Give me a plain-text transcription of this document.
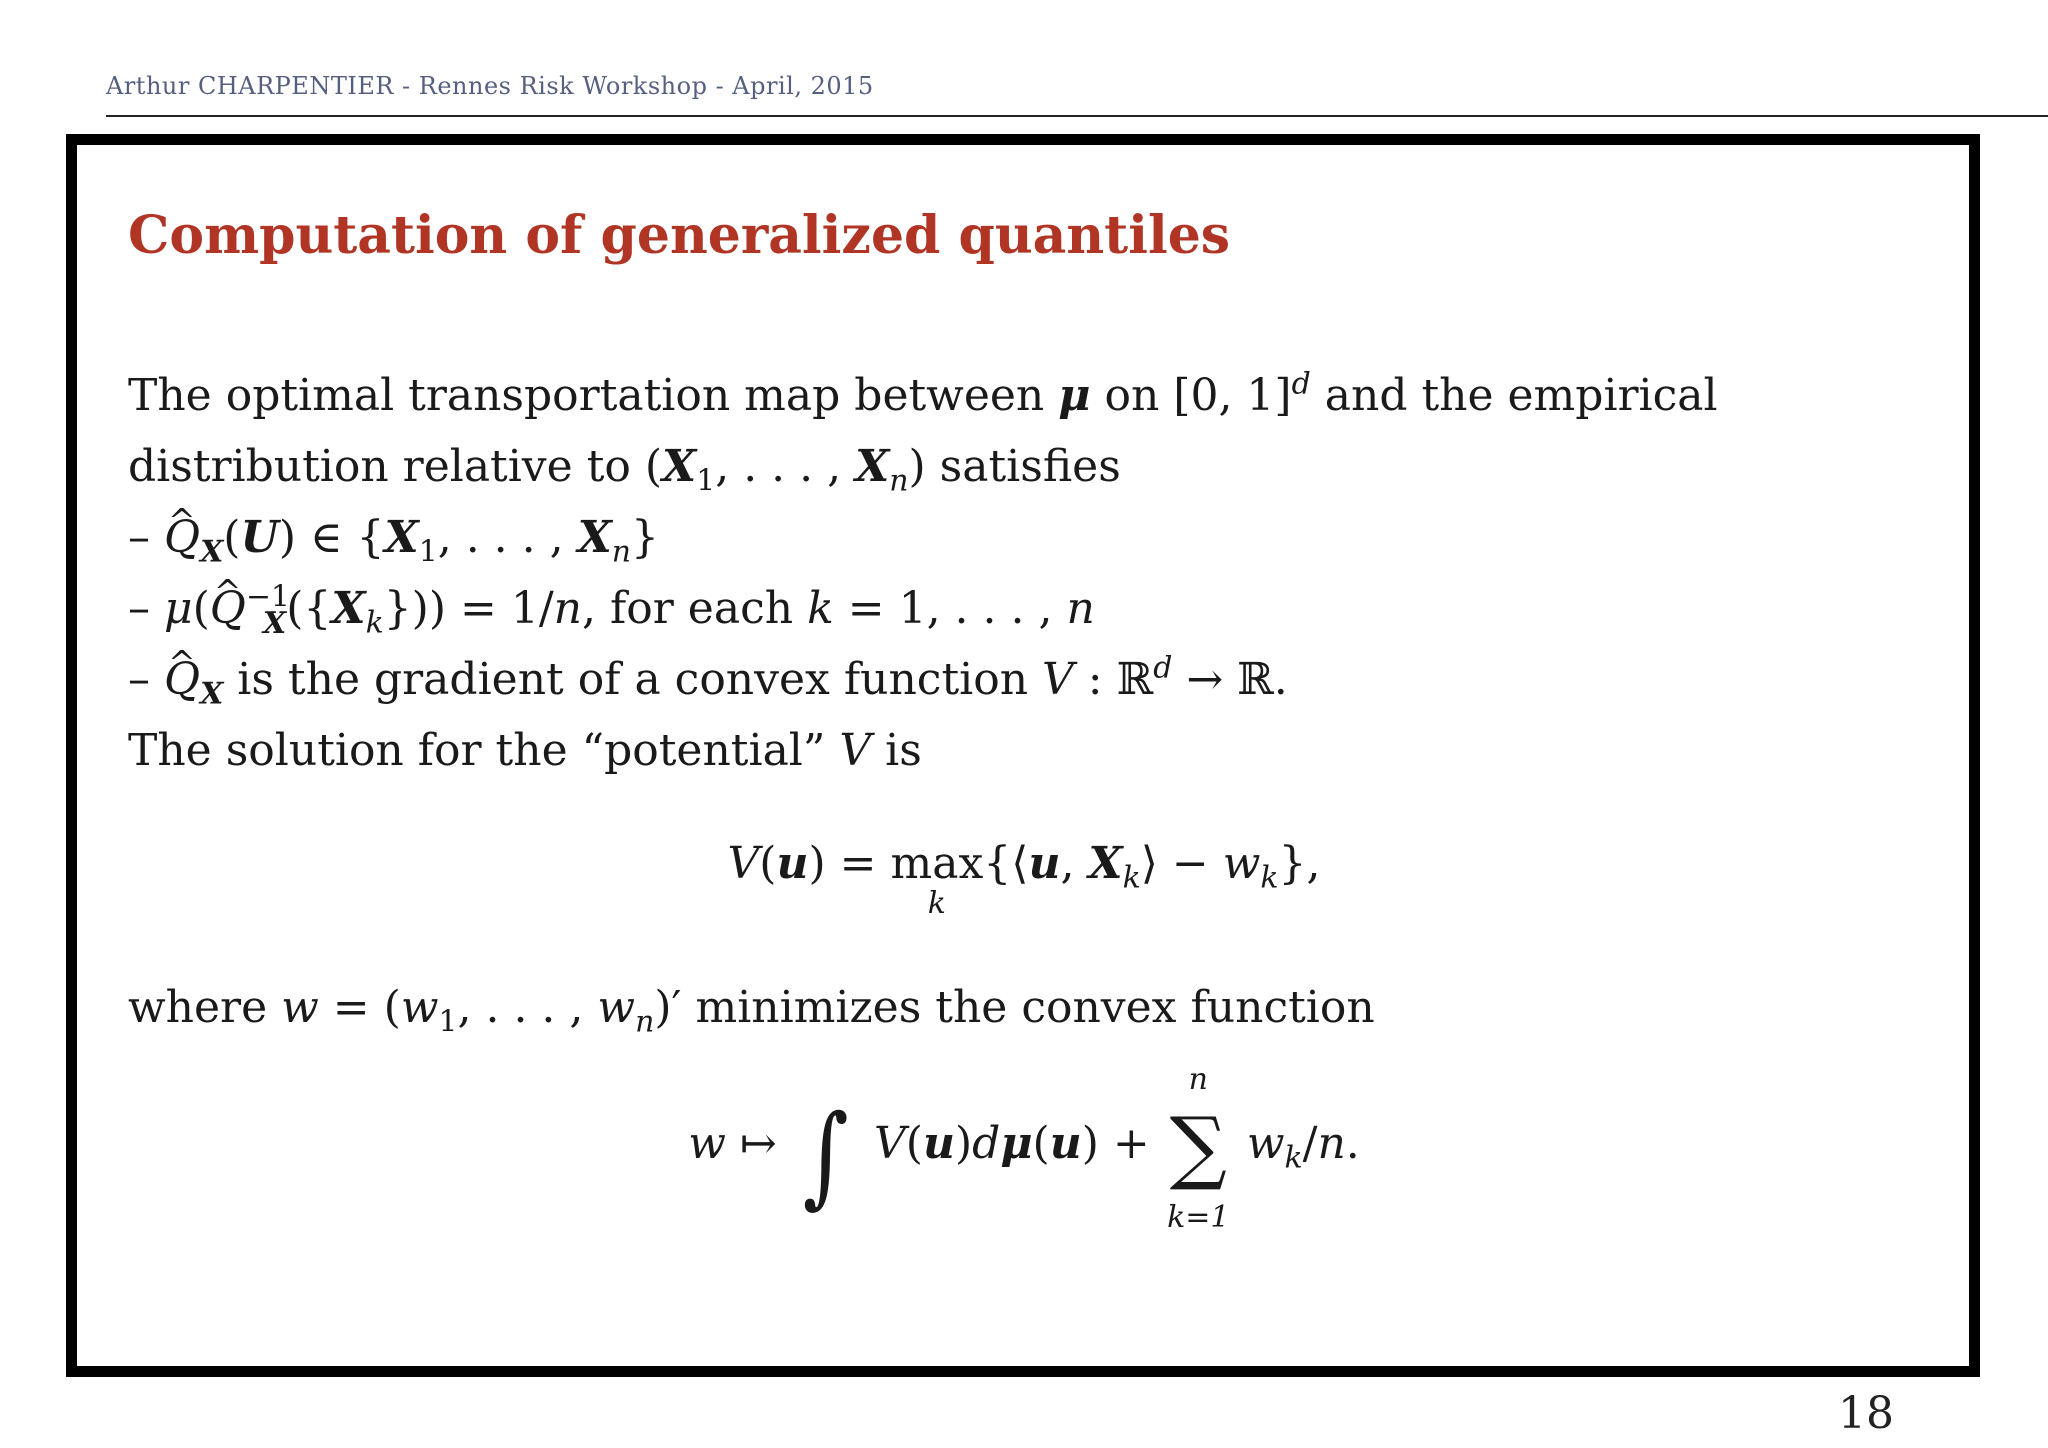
Arthur CHARPENTIER - Rennes Risk Workshop - April, 2015
Computation of generalized quantiles
The optimal transportation map between μ on [0, 1]$^d$ and the empirical
distribution relative to ($X_1$, . . . , $X_n$) satisfies
– ^ $Q_X(U)$ ∈ {$X_1$, . . . , $X_n$}
– μ(^ $Q^{-1}_X(\{X_k\})) = 1/n$, for each k = 1, . . . , n
– ^ $Q_X$ is the gradient of a convex function V : ℝ$^d$ → ℝ.
The solution for the “potential” V is
V(u) = max
k
{⟨u, $X_k⟩ - w_k$},
where $w = (w_1$, . . . , $w_n)'$ minimizes the convex function
w ↦ ∫ V(u)dμ(u) + ∑
n
k=1
$w_k/n$.
18
